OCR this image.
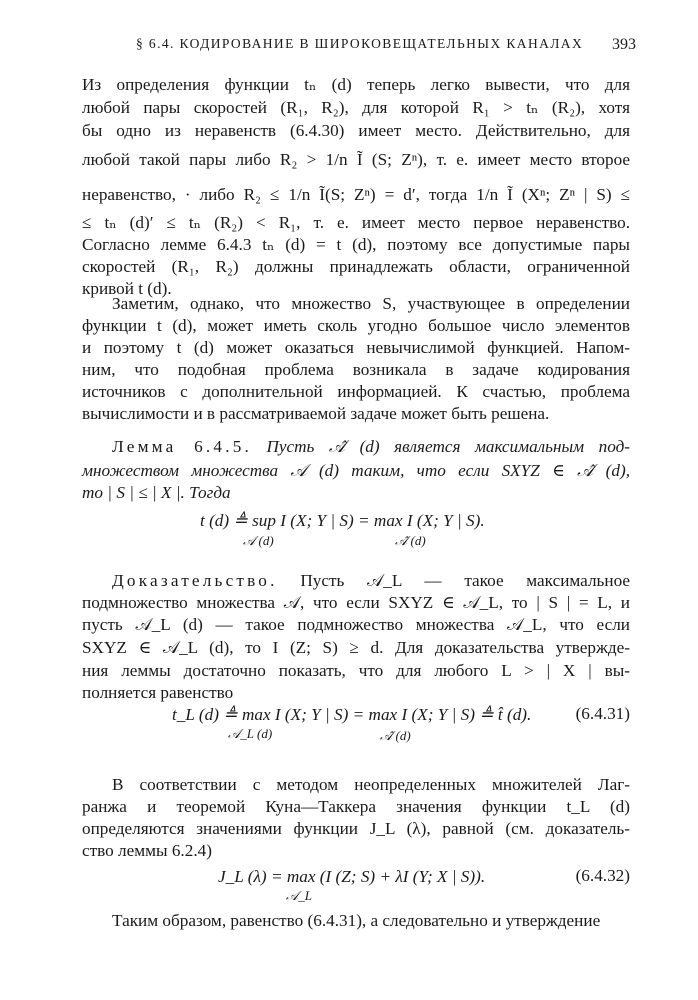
§ 6.4. КОДИРОВАНИЕ В ШИРОКОВЕЩАТЕЛЬНЫХ КАНАЛАХ 393
Из определения функции tₙ (d) теперь легко вывести, что для
любой пары скоростей (R₁, R₂), для которой R₁ > tₙ (R₂), хотя
бы одно из неравенств (6.4.30) имеет место. Действительно, для
любой такой пары либо R₂ > 1/n Ĩ (S; Zⁿ), т. е. имеет место второе
неравенство, · либо R₂ ≤ 1/n Ĩ(S; Zⁿ) = d′, тогда 1/n Ĩ (Xⁿ; Zⁿ | S) ≤
≤ tₙ (d)′ ≤ tₙ (R₂) < R₁, т. е. имеет место первое неравенство.
Согласно лемме 6.4.3 tₙ (d) = t (d), поэтому все допустимые пары
скоростей (R₁, R₂) должны принадлежать области, ограниченной
кривой t (d).
Заметим, однако, что множество S, участвующее в определении
функции t (d), может иметь сколь угодно большое число элементов
и поэтому t (d) может оказаться невычислимой функцией. Напом-
ним, что подобная проблема возникала в задаче кодирования
источников с дополнительной информацией. К счастью, проблема
вычислимости и в рассматриваемой задаче может быть решена.
Лемма 6.4.5. Пусть 𝒜̂ (d) является максимальным под-
множеством множества 𝒜 (d) таким, что если SXYZ ∈ 𝒜̂ (d),
то | S | ≤ | X |. Тогда
t (d) ≜ sup I (X; Y | S) = max I (X; Y | S).
𝒜 (d)	𝒜̂ (d)
Доказательство. Пусть 𝒜_L — такое максимальное
подмножество множества 𝒜, что если SXYZ ∈ 𝒜_L, то | S | = L, и
пусть 𝒜_L (d) — такое подмножество множества 𝒜_L, что если
SXYZ ∈ 𝒜_L (d), то I (Z; S) ≥ d. Для доказательства утвержде-
ния леммы достаточно показать, что для любого L > | X | вы-
полняется равенство
t_L (d) ≜ max I (X; Y | S) = max I (X; Y | S) ≜ t̂ (d).
𝒜_L (d)	𝒜̂ (d)
(6.4.31)
В соответствии с методом неопределенных множителей Лаг-
ранжа и теоремой Куна—Таккера значения функции t_L (d)
определяются значениями функции J_L (λ), равной (см. доказатель-
ство леммы 6.2.4)
J_L (λ) = max (I (Z; S) + λI (Y; X | S)).
𝒜_L
(6.4.32)
Таким образом, равенство (6.4.31), а следовательно и утверждение
